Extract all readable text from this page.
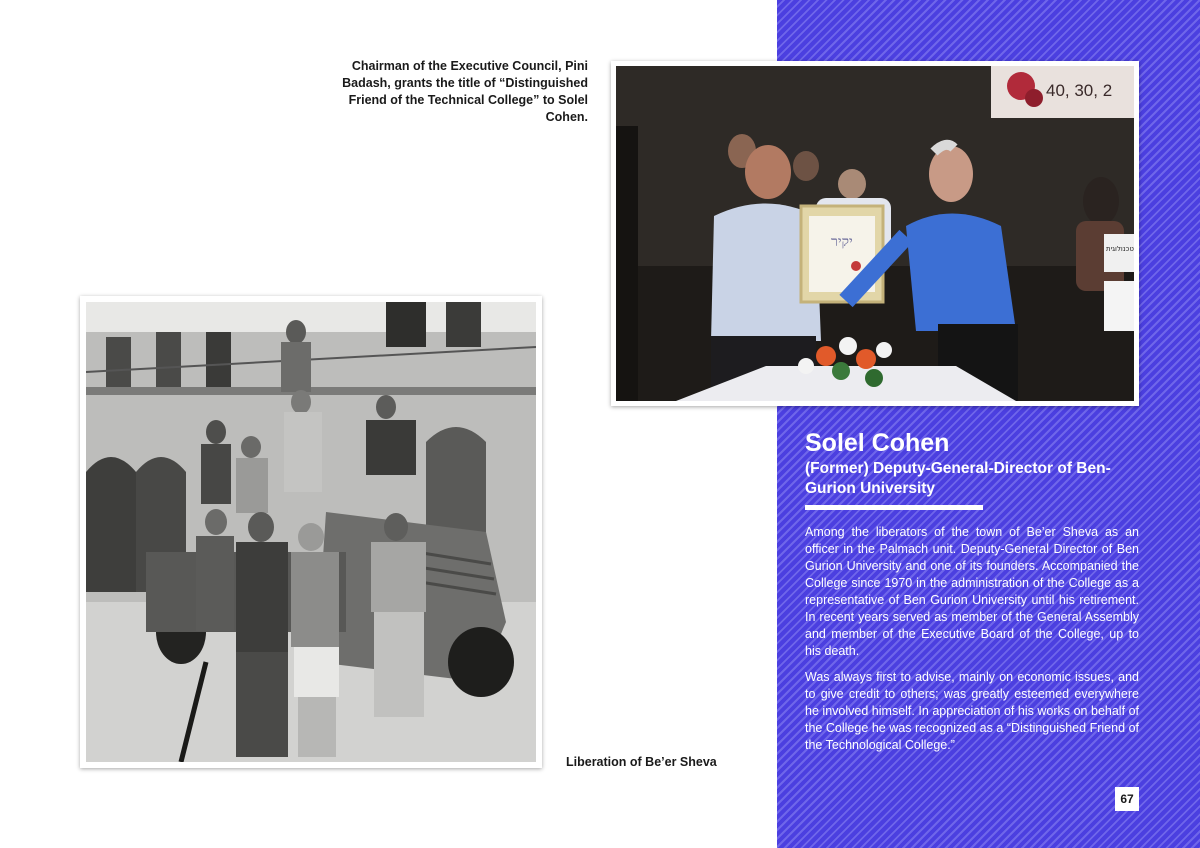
Chairman of the Executive Council, Pini Badash, grants the title of “Distinguished Friend of the Technical College” to Solel Cohen.
40, 30, 2
יקיר	טכנולוגית
Liberation of Be’er Sheva
Solel Cohen
(Former) Deputy-General-Director of Ben-Gurion University

Among the liberators of the town of Be’er Sheva as an officer in the Palmach unit. Deputy-General Director of Ben Gurion University and one of its founders. Accompanied the College since 1970 in the administration of the College as a representative of Ben Gurion University until his retirement. In recent years served as member of the General Assembly and member of the Executive Board of the College, up to his death.

Was always first to advise, mainly on economic issues, and to give credit to others; was greatly esteemed everywhere he involved himself. In appreciation of his works on behalf of the College he was recognized as a “Distinguished Friend of the Technological College.”

67
